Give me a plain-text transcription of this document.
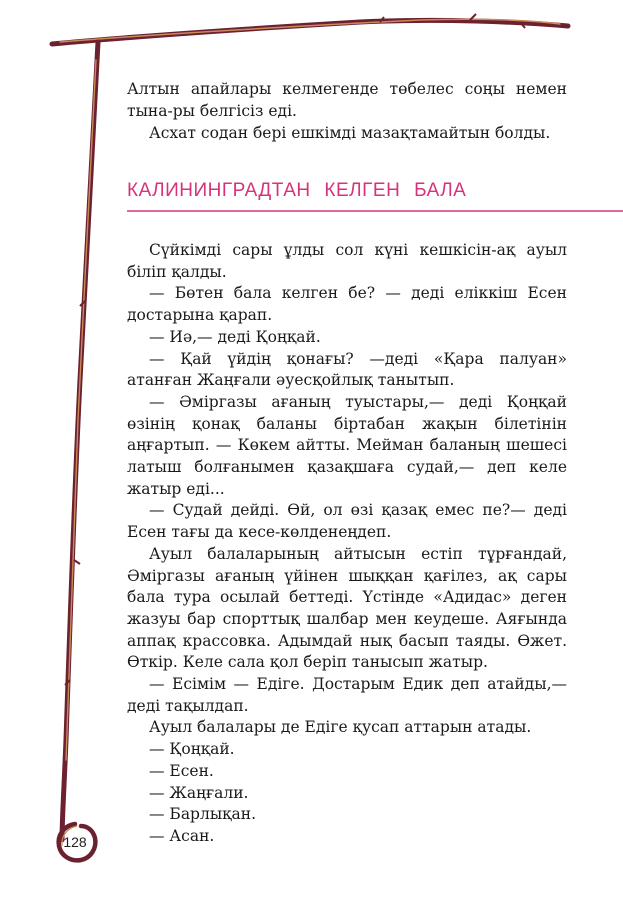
Алтын апайлары келмегенде төбелес соңы немен тына-ры белгісіз еді.

Асхат содан бері ешкімді мазақтамайтын болды.

КАЛИНИНГРАДТАН КЕЛГЕН БАЛА

Сүйкімді сары ұлды сол күні кешкісін-ақ ауыл біліп қалды.

— Бөтен бала келген бе? — деді еліккіш Есен достарына қарап.

— Иә,— деді Қоңқай.

— Қай үйдің қонағы? —деді «Қара палуан» атанған Жаңғали әуесқойлық танытып.

— Әміргазы ағаның туыстары,— деді Қоңқай өзінің қонақ баланы біртабан жақын білетінін аңғартып. — Көкем айтты. Мейман баланың шешесі латыш болғанымен қазақшаға судай,— деп келе жатыр еді...

— Судай дейді. Өй, ол өзі қазақ емес пе?— деді Есен тағы да кесе-көлденеңдеп.

Ауыл балаларының айтысын естіп тұрғандай, Әміргазы ағаның үйінен шыққан қағілез, ақ сары бала тура осылай беттеді. Үстінде «Адидас» деген жазуы бар спорттық шалбар мен кеудеше. Аяғында аппақ крассовка. Адымдай нық басып таяды. Өжет. Өткір. Келе сала қол беріп танысып жатыр.

— Есімім — Едіге. Достарым Едик деп атайды,— деді тақылдап.

Ауыл балалары де Едіге қусап аттарын атады.

— Қоңқай.

— Есен.

— Жаңғали.

— Барлықан.

— Асан.

128
